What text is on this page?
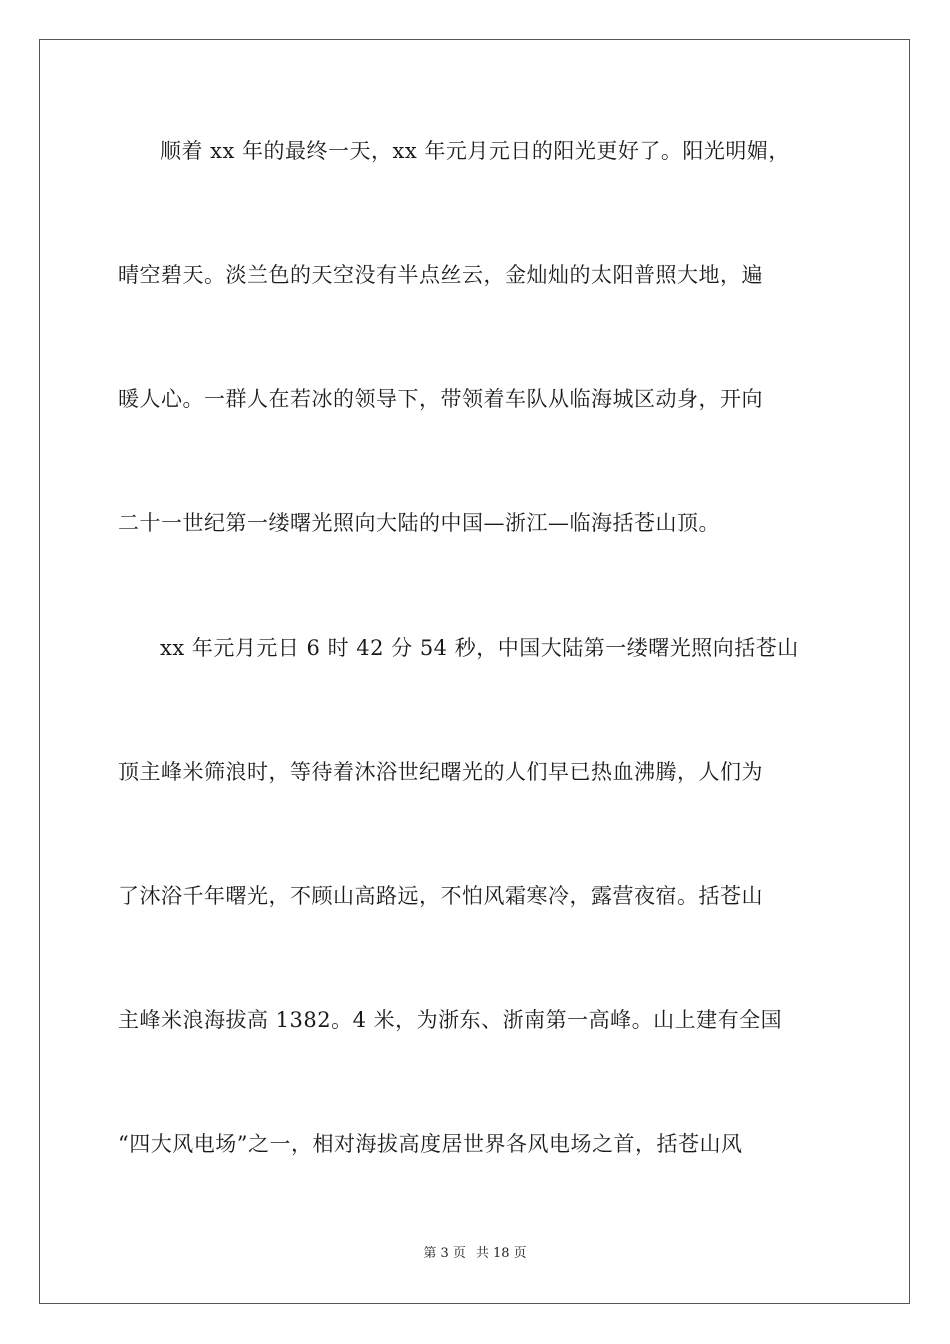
顺着 xx 年的最终一天，xx 年元月元日的阳光更好了。阳光明媚，
晴空碧天。淡兰色的天空没有半点丝云，金灿灿的太阳普照大地，遍
暖人心。一群人在若冰的领导下，带领着车队从临海城区动身，开向
二十一世纪第一缕曙光照向大陆的中国—浙江—临海括苍山顶。
xx 年元月元日 6 时 42 分 54 秒，中国大陆第一缕曙光照向括苍山
顶主峰米筛浪时，等待着沐浴世纪曙光的人们早已热血沸腾，人们为
了沐浴千年曙光，不顾山高路远，不怕风霜寒冷，露营夜宿。括苍山
主峰米浪海拔高 1382。4 米，为浙东、浙南第一高峰。山上建有全国
“四大风电场”之一，相对海拔高度居世界各风电场之首，括苍山风
第 3 页 共 18 页
